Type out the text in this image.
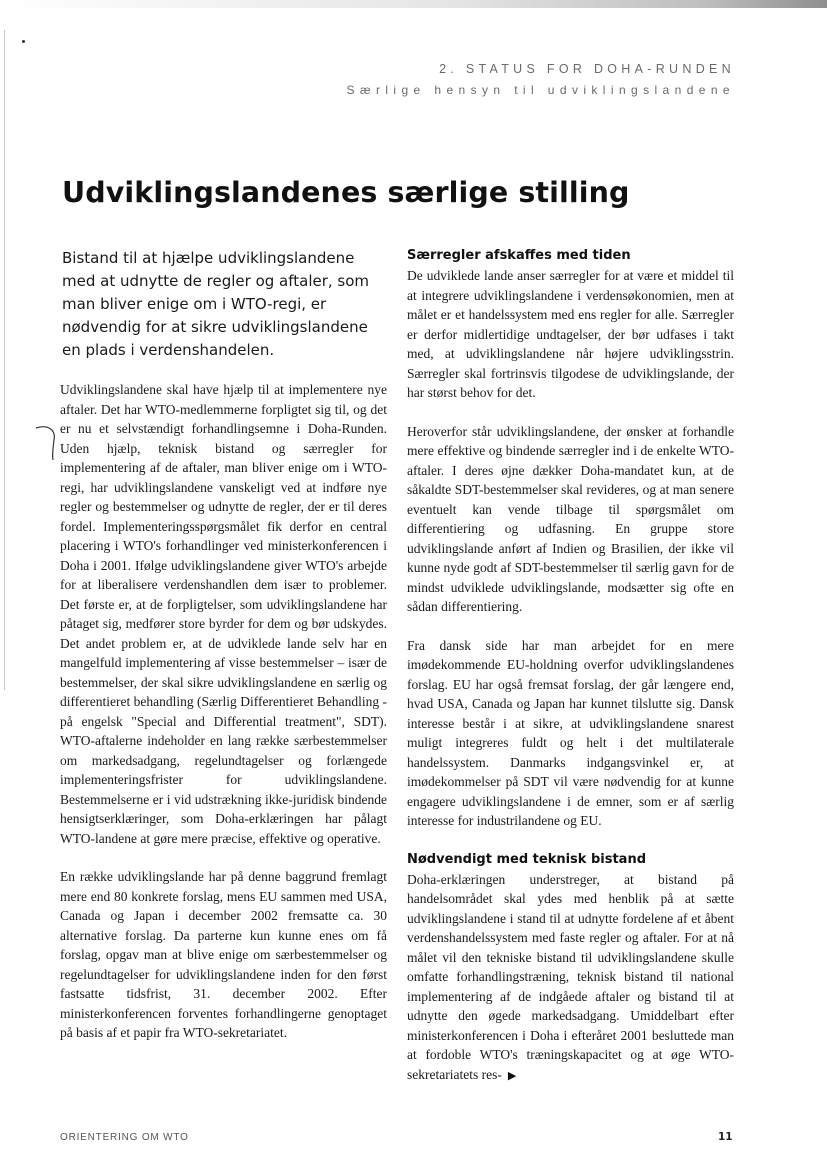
2. STATUS FOR DOHA-RUNDEN
Særlige hensyn til udviklingslandene
Udviklingslandenes særlige stilling

Bistand til at hjælpe udviklingslandene med at udnytte de regler og aftaler, som man bliver enige om i WTO-regi, er nødvendig for at sikre udviklingslandene en plads i verdenshandelen.

Udviklingslandene skal have hjælp til at implementere nye aftaler. Det har WTO-medlemmerne forpligtet sig til, og det er nu et selvstændigt forhandlingsemne i Doha-Runden. Uden hjælp, teknisk bistand og særregler for implementering af de aftaler, man bliver enige om i WTO-regi, har udviklingslandene vanskeligt ved at indføre nye regler og bestemmelser og udnytte de regler, der er til deres fordel. Implementeringsspørgsmålet fik derfor en central placering i WTO's forhandlinger ved ministerkonferencen i Doha i 2001. Ifølge udviklingslandene giver WTO's arbejde for at liberalisere verdenshandlen dem især to problemer. Det første er, at de forpligtelser, som udviklingslandene har påtaget sig, medfører store byrder for dem og bør udskydes. Det andet problem er, at de udviklede lande selv har en mangelfuld implementering af visse bestemmelser – især de bestemmelser, der skal sikre udviklingslandene en særlig og differentieret behandling (Særlig Differentieret Behandling - på engelsk "Special and Differential treatment", SDT). WTO-aftalerne indeholder en lang række særbestemmelser om markedsadgang, regelundtagelser og forlængede implementeringsfrister for udviklingslandene. Bestemmelserne er i vid udstrækning ikke-juridisk bindende hensigtserklæringer, som Doha-erklæringen har pålagt WTO-landene at gøre mere præcise, effektive og operative.

En række udviklingslande har på denne baggrund fremlagt mere end 80 konkrete forslag, mens EU sammen med USA, Canada og Japan i december 2002 fremsatte ca. 30 alternative forslag. Da parterne kun kunne enes om få forslag, opgav man at blive enige om særbestemmelser og regelundtagelser for udviklingslandene inden for den først fastsatte tidsfrist, 31. december 2002. Efter ministerkonferencen forventes forhandlingerne genoptaget på basis af et papir fra WTO-sekretariatet.

Særregler afskaffes med tiden

De udviklede lande anser særregler for at være et middel til at integrere udviklingslandene i verdensøkonomien, men at målet er et handelssystem med ens regler for alle. Særregler er derfor midlertidige undtagelser, der bør udfases i takt med, at udviklingslandene når højere udviklingsstrin. Særregler skal fortrinsvis tilgodese de udviklingslande, der har størst behov for det.

Heroverfor står udviklingslandene, der ønsker at forhandle mere effektive og bindende særregler ind i de enkelte WTO-aftaler. I deres øjne dækker Doha-mandatet kun, at de såkaldte SDT-bestemmelser skal revideres, og at man senere eventuelt kan vende tilbage til spørgsmålet om differentiering og udfasning. En gruppe store udviklingslande anført af Indien og Brasilien, der ikke vil kunne nyde godt af SDT-bestemmelser til særlig gavn for de mindst udviklede udviklingslande, modsætter sig ofte en sådan differentiering.

Fra dansk side har man arbejdet for en mere imødekommende EU-holdning overfor udviklingslandenes forslag. EU har også fremsat forslag, der går længere end, hvad USA, Canada og Japan har kunnet tilslutte sig. Dansk interesse består i at sikre, at udviklingslandene snarest muligt integreres fuldt og helt i det multilaterale handelssystem. Danmarks indgangsvinkel er, at imødekommelser på SDT vil være nødvendig for at kunne engagere udviklingslandene i de emner, som er af særlig interesse for industrilandene og EU.

Nødvendigt med teknisk bistand

Doha-erklæringen understreger, at bistand på handelsområdet skal ydes med henblik på at sætte udviklingslandene i stand til at udnytte fordelene af et åbent verdenshandelssystem med faste regler og aftaler. For at nå målet vil den tekniske bistand til udviklingslandene skulle omfatte forhandlingstræning, teknisk bistand til national implementering af de indgåede aftaler og bistand til at udnytte den øgede markedsadgang. Umiddelbart efter ministerkonferencen i Doha i efteråret 2001 besluttede man at fordoble WTO's træningskapacitet og at øge WTO-sekretariatets res- ▶

ORIENTERING OM WTO	11
